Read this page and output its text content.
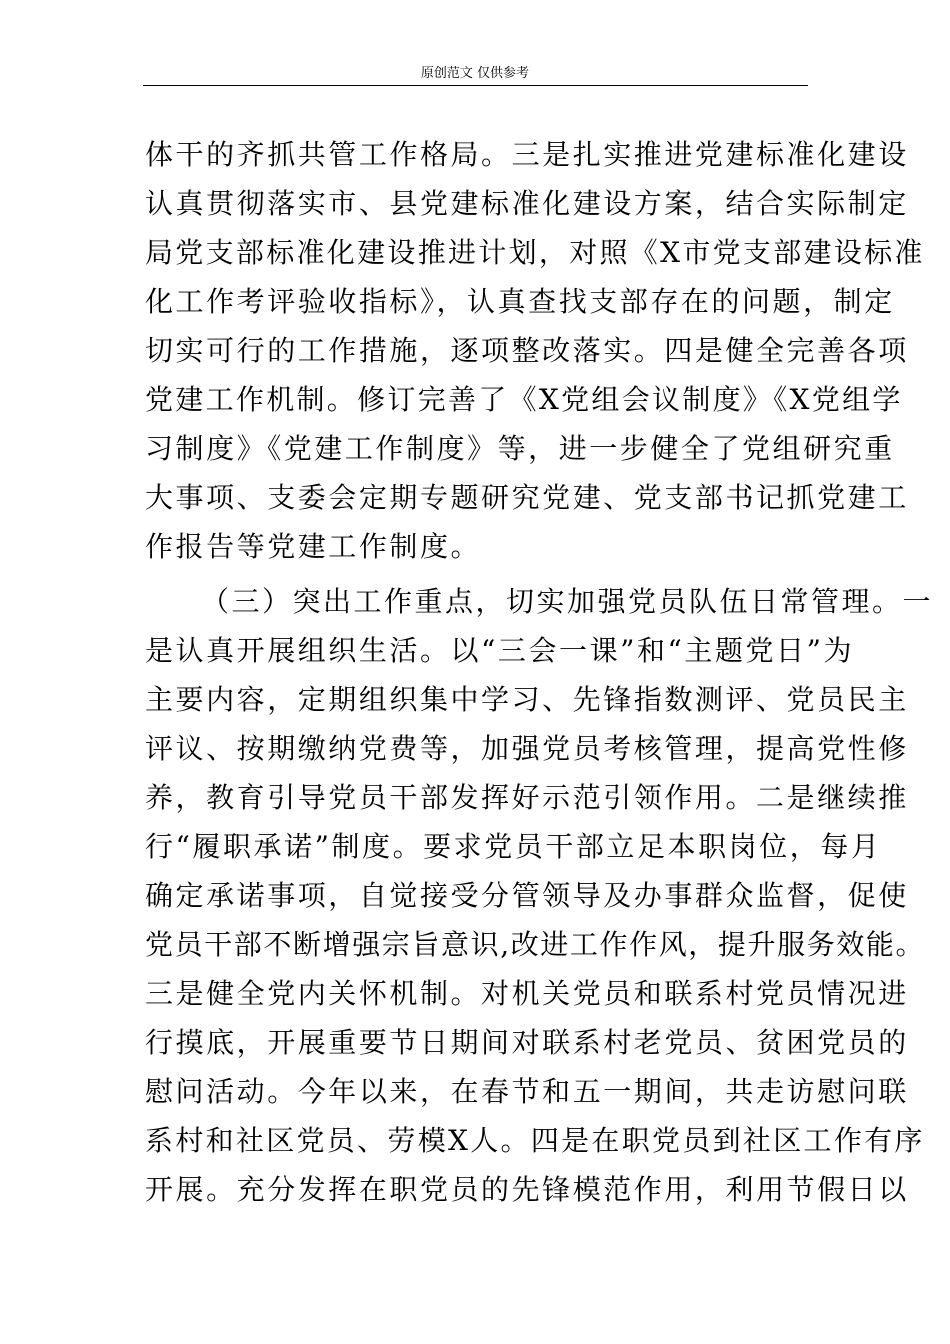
原创范文 仅供参考
体干的齐抓共管工作格局。三是扎实推进党建标准化建设
认真贯彻落实市、县党建标准化建设方案，结合实际制定
局党支部标准化建设推进计划，对照《X市党支部建设标准
化工作考评验收指标》，认真查找支部存在的问题，制定
切实可行的工作措施，逐项整改落实。四是健全完善各项
党建工作机制。修订完善了《X党组会议制度》《X党组学
习制度》《党建工作制度》等，进一步健全了党组研究重
大事项、支委会定期专题研究党建、党支部书记抓党建工
作报告等党建工作制度。
（三）突出工作重点，切实加强党员队伍日常管理。一
是认真开展组织生活。以“三会一课”和“主题党日”为
主要内容，定期组织集中学习、先锋指数测评、党员民主
评议、按期缴纳党费等，加强党员考核管理，提高党性修
养，教育引导党员干部发挥好示范引领作用。二是继续推
行“履职承诺”制度。要求党员干部立足本职岗位，每月
确定承诺事项，自觉接受分管领导及办事群众监督，促使
党员干部不断增强宗旨意识,改进工作作风，提升服务效能。
三是健全党内关怀机制。对机关党员和联系村党员情况进
行摸底，开展重要节日期间对联系村老党员、贫困党员的
慰问活动。今年以来，在春节和五一期间，共走访慰问联
系村和社区党员、劳模X人。四是在职党员到社区工作有序
开展。充分发挥在职党员的先锋模范作用，利用节假日以
